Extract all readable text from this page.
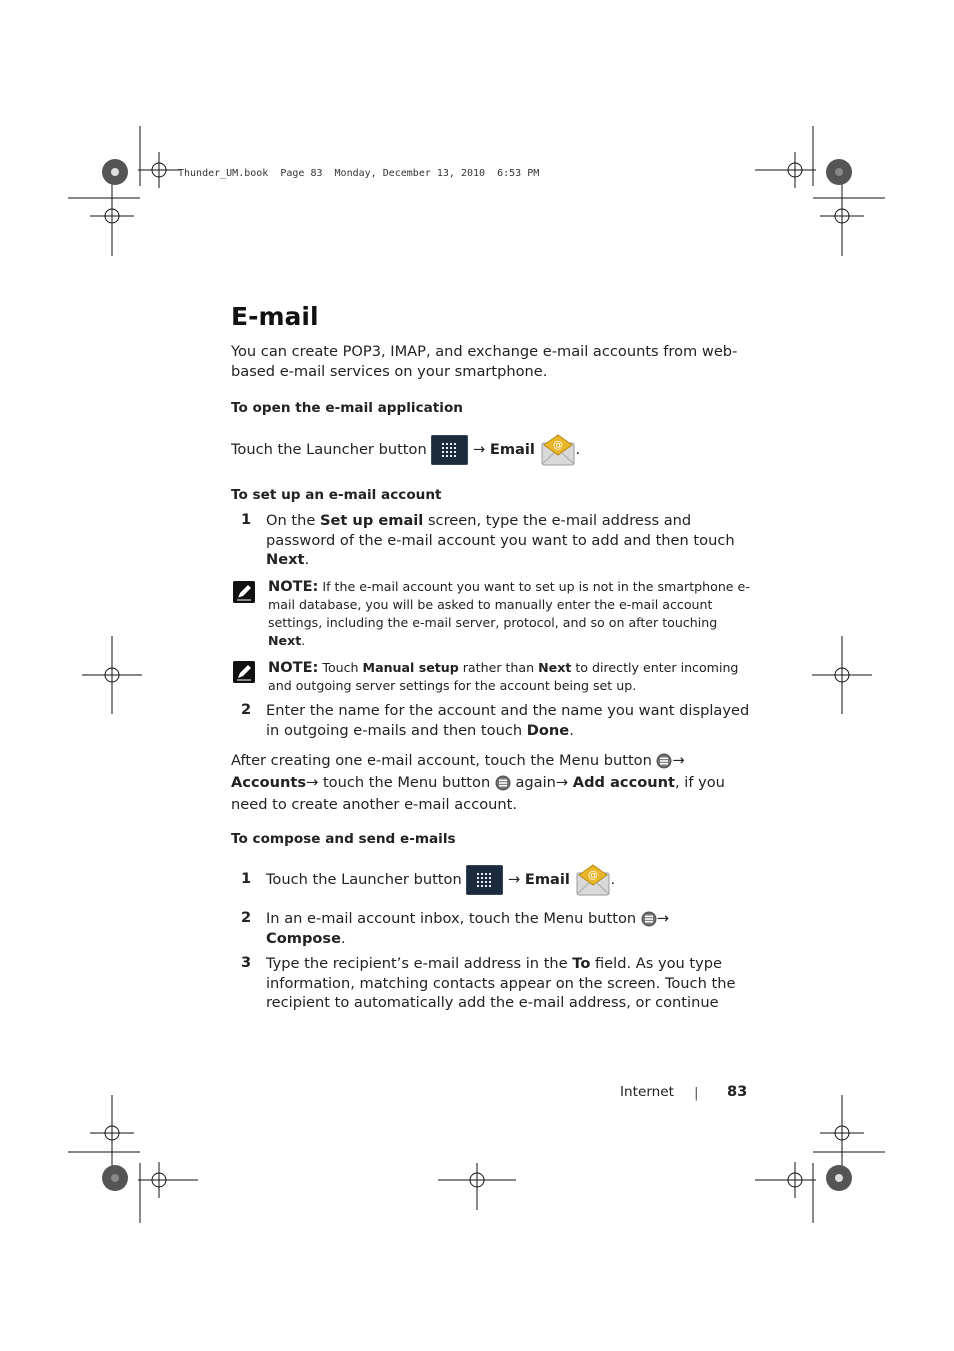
Thunder_UM.book  Page 83  Monday, December 13, 2010  6:53 PM
E-mail
You can create POP3, IMAP, and exchange e-mail accounts from web-based e-mail services on your smartphone.
To open the e-mail application
Touch the Launcher button	→ Email @ .
To set up an e-mail account
1 On the Set up email screen, type the e-mail address and password of the e-mail account you want to add and then touch Next.
NOTE: If the e-mail account you want to set up is not in the smartphone e-mail database, you will be asked to manually enter the e-mail account settings, including the e-mail server, protocol, and so on after touching Next.
NOTE: Touch Manual setup rather than Next to directly enter incoming and outgoing server settings for the account being set up.
2 Enter the name for the account and the name you want displayed in outgoing e-mails and then touch Done.
After creating one e-mail account, touch the Menu button →
Accounts→ touch the Menu button  again→ Add account, if you need to create another e-mail account.
To compose and send e-mails
1 Touch the Launcher button	→ Email @ .
2 In an e-mail account inbox, touch the Menu button →
Compose.
3 Type the recipient’s e-mail address in the To field. As you type information, matching contacts appear on the screen. Touch the recipient to automatically add the e-mail address, or continue
Internet | 83
